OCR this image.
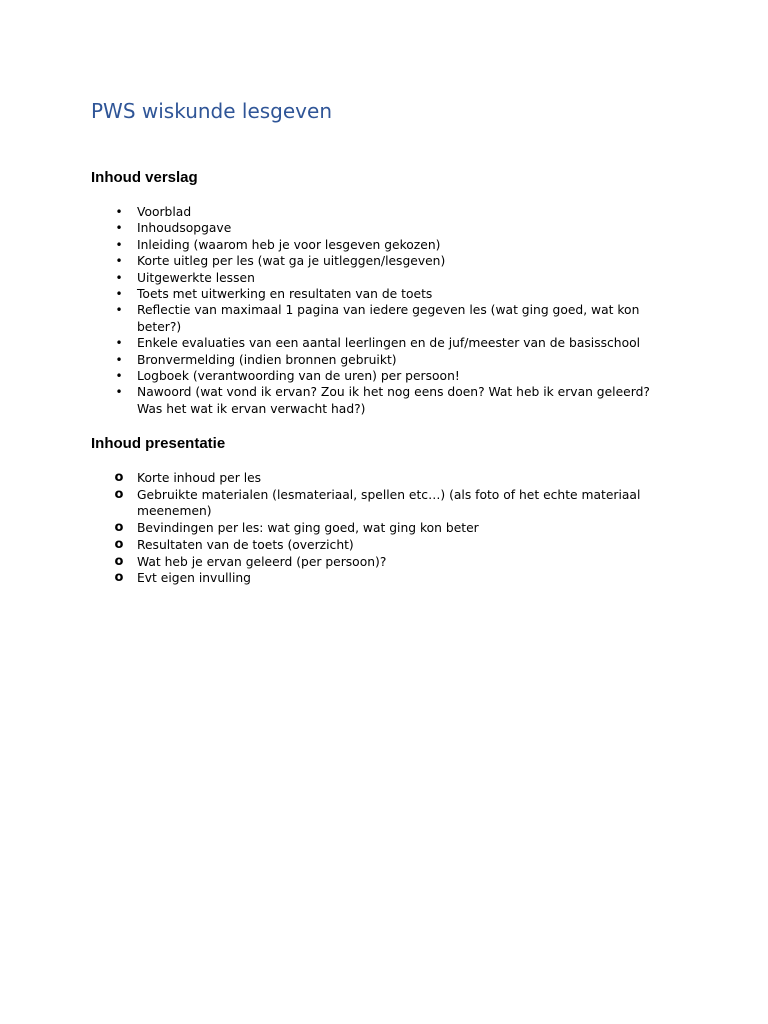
PWS wiskunde lesgeven
Inhoud verslag
• Voorblad
• Inhoudsopgave
• Inleiding (waarom heb je voor lesgeven gekozen)
• Korte uitleg per les (wat ga je uitleggen/lesgeven)
• Uitgewerkte lessen
• Toets met uitwerking en resultaten van de toets
• Reflectie van maximaal 1 pagina van iedere gegeven les (wat ging goed, wat kon beter?)
• Enkele evaluaties van een aantal leerlingen en de juf/meester van de basisschool
• Bronvermelding (indien bronnen gebruikt)
• Logboek (verantwoording van de uren) per persoon!
• Nawoord (wat vond ik ervan? Zou ik het nog eens doen? Wat heb ik ervan geleerd? Was het wat ik ervan verwacht had?)
Inhoud presentatie
o Korte inhoud per les
o Gebruikte materialen (lesmateriaal, spellen etc…) (als foto of het echte materiaal meenemen)
o Bevindingen per les: wat ging goed, wat ging kon beter
o Resultaten van de toets (overzicht)
o Wat heb je ervan geleerd (per persoon)?
o Evt eigen invulling
